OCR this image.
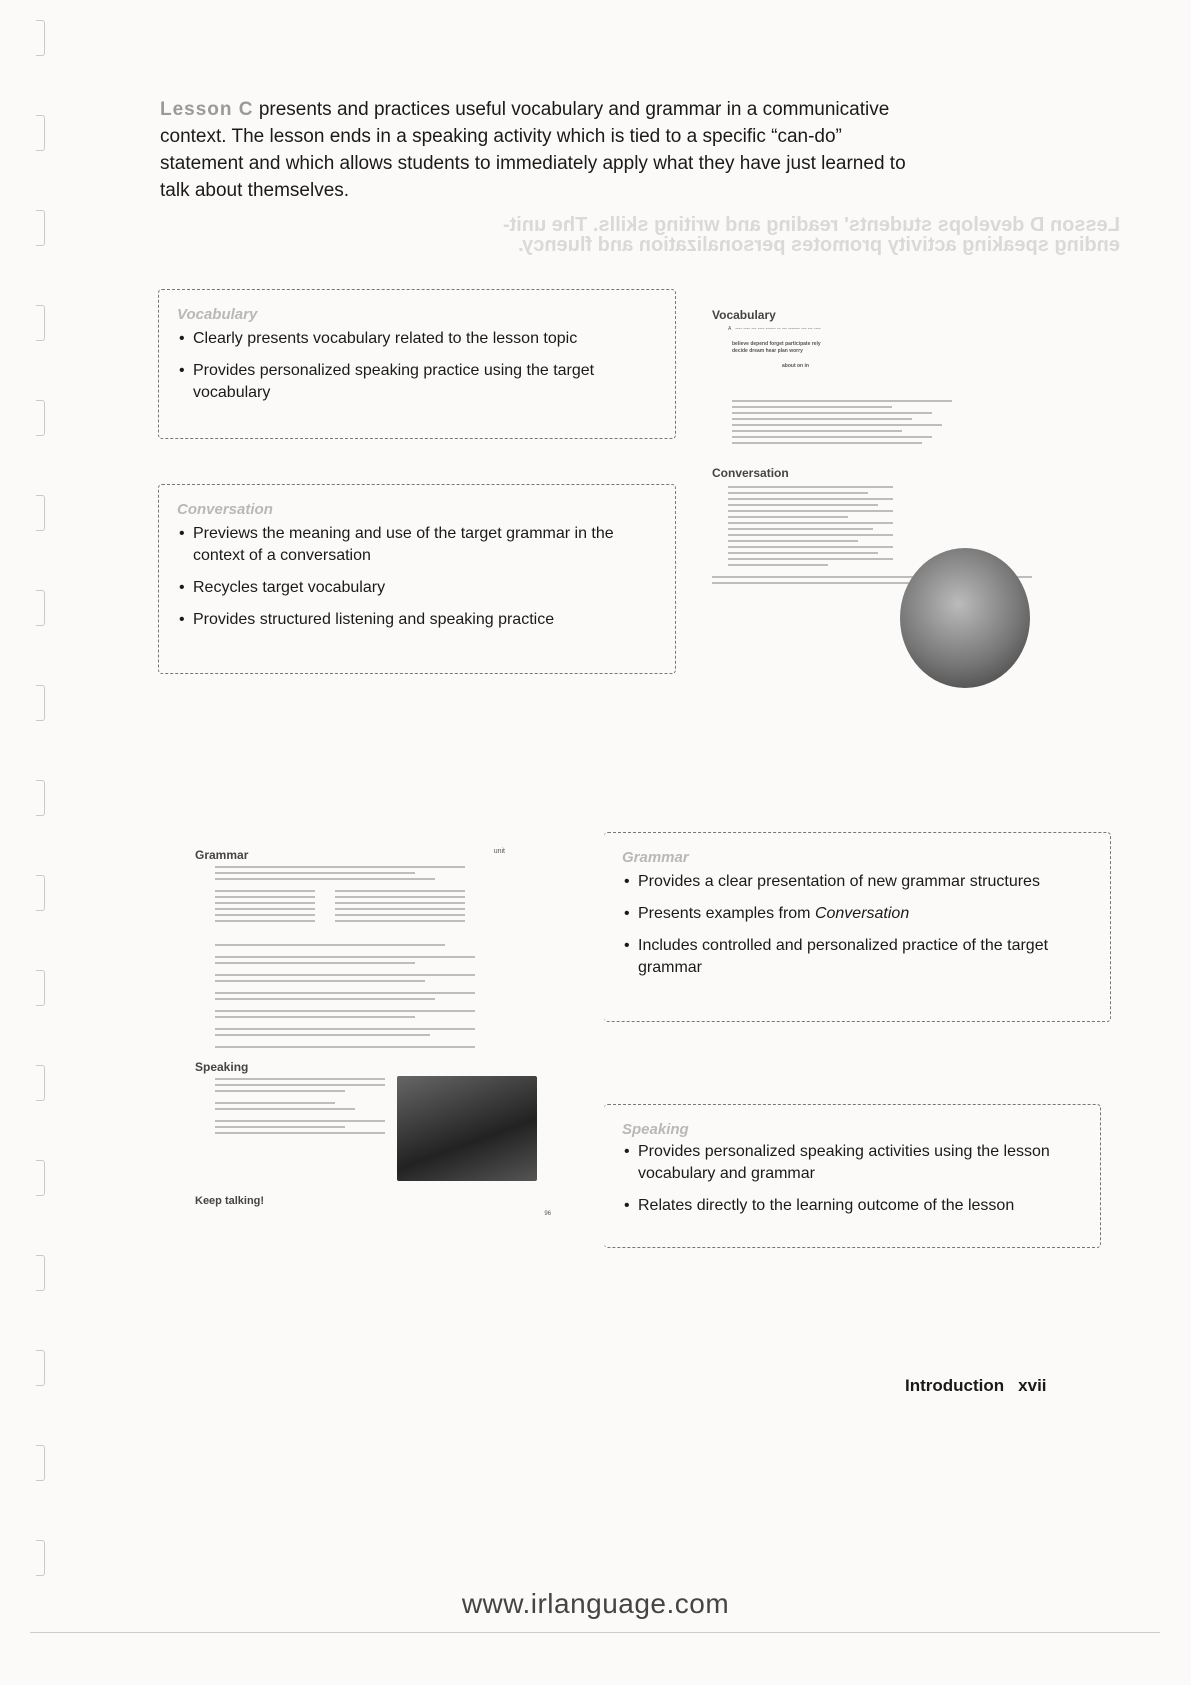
Lesson D develops students' reading and writing skills. The unit-ending speaking activity promotes personalization and fluency.
Lesson C presents and practices useful vocabulary and grammar in a communicative context. The lesson ends in a speaking activity which is tied to a specific “can-do” statement and which allows students to immediately apply what they have just learned to talk about themselves.
Vocabulary
• Clearly presents vocabulary related to the lesson topic
• Provides personalized speaking practice using the target vocabulary
Conversation
• Previews the meaning and use of the target grammar in the context of a conversation
• Recycles target vocabulary
• Provides structured listening and speaking practice
Vocabulary
A   ---- ---- --- ---- ------ -- --- ------- --- --- ----
believe depend forget participate rely
decide dream hear plan worry
about on in
Conversation
Grammar
• Provides a clear presentation of new grammar structures
• Presents examples from Conversation
• Includes controlled and personalized practice of the target grammar
Speaking
• Provides personalized speaking activities using the lesson vocabulary and grammar
• Relates directly to the learning outcome of the lesson
Grammar	unit
Speaking
Keep talking!
96
Introduction xvii
www.irlanguage.com
